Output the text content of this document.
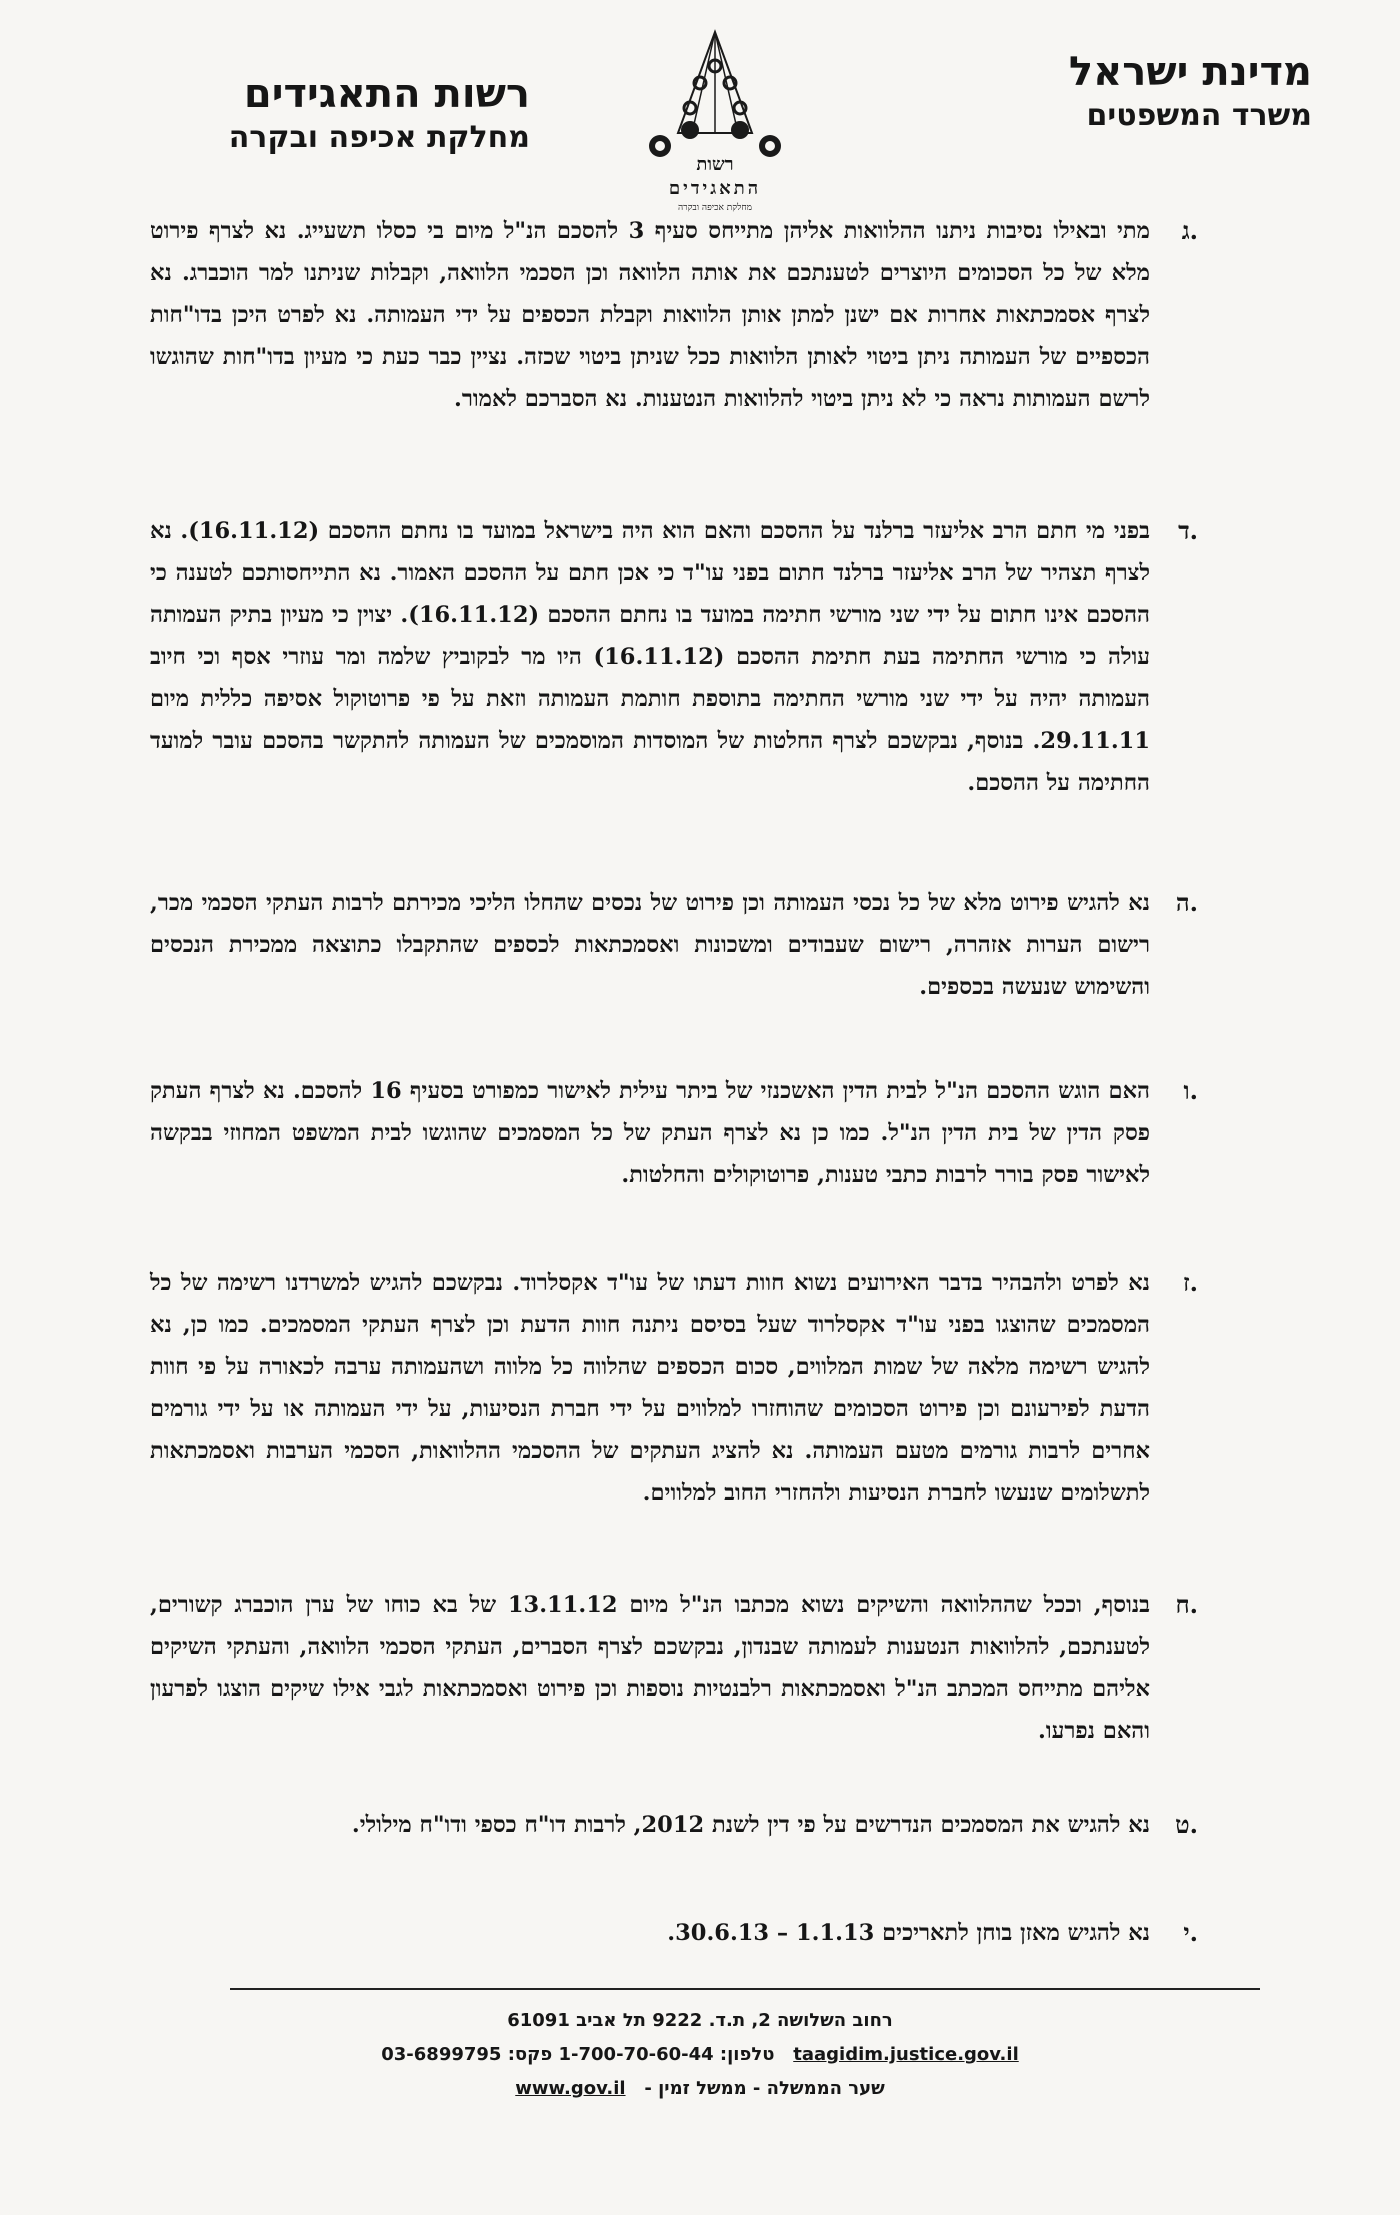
מדינת ישראל
משרד המשפטים
רשות
התאגידים
מחלקת אכיפה ובקרה
רשות התאגידים
מחלקת אכיפה ובקרה
ג.
מתי ובאילו נסיבות ניתנו ההלוואות אליהן מתייחס סעיף 3 להסכם הנ"ל מיום בי כסלו תשעייג. נא לצרף פירוט מלא של כל הסכומים היוצרים לטענתכם את אותה הלוואה וכן הסכמי הלוואה, וקבלות שניתנו למר הוכברג. נא לצרף אסמכתאות אחרות אם ישנן למתן אותן הלוואות וקבלת הכספים על ידי העמותה. נא לפרט היכן בדו"חות הכספיים של העמותה ניתן ביטוי לאותן הלוואות ככל שניתן ביטוי שכזה. נציין כבר כעת כי מעיון בדו"חות שהוגשו לרשם העמותות נראה כי לא ניתן ביטוי להלוואות הנטענות. נא הסברכם לאמור.
ד.
בפני מי חתם הרב אליעזר ברלנד על ההסכם והאם הוא היה בישראל במועד בו נחתם ההסכם (16.11.12). נא לצרף תצהיר של הרב אליעזר ברלנד חתום בפני עו"ד כי אכן חתם על ההסכם האמור. נא התייחסותכם לטענה כי ההסכם אינו חתום על ידי שני מורשי חתימה במועד בו נחתם ההסכם (16.11.12). יצוין כי מעיון בתיק העמותה עולה כי מורשי החתימה בעת חתימת ההסכם (16.11.12) היו מר לבקוביץ שלמה ומר עוזרי אסף וכי חיוב העמותה יהיה על ידי שני מורשי החתימה בתוספת חותמת העמותה וזאת על פי פרוטוקול אסיפה כללית מיום 29.11.11. בנוסף, נבקשכם לצרף החלטות של המוסדות המוסמכים של העמותה להתקשר בהסכם עובר למועד החתימה על ההסכם.
ה.
נא להגיש פירוט מלא של כל נכסי העמותה וכן פירוט של נכסים שהחלו הליכי מכירתם לרבות העתקי הסכמי מכר, רישום הערות אזהרה, רישום שעבודים ומשכונות ואסמכתאות לכספים שהתקבלו כתוצאה ממכירת הנכסים והשימוש שנעשה בכספים.
ו.
האם הוגש ההסכם הנ"ל לבית הדין האשכנזי של ביתר עילית לאישור כמפורט בסעיף 16 להסכם. נא לצרף העתק פסק הדין של בית הדין הנ"ל. כמו כן נא לצרף העתק של כל המסמכים שהוגשו לבית המשפט המחוזי בבקשה לאישור פסק בורר לרבות כתבי טענות, פרוטוקולים והחלטות.
ז.
נא לפרט ולהבהיר בדבר האירועים נשוא חוות דעתו של עו"ד אקסלרוד. נבקשכם להגיש למשרדנו רשימה של כל המסמכים שהוצגו בפני עו"ד אקסלרוד שעל בסיסם ניתנה חוות הדעת וכן לצרף העתקי המסמכים. כמו כן, נא להגיש רשימה מלאה של שמות המלווים, סכום הכספים שהלווה כל מלווה ושהעמותה ערבה לכאורה על פי חוות הדעת לפירעונם וכן פירוט הסכומים שהוחזרו למלווים על ידי חברת הנסיעות, על ידי העמותה או על ידי גורמים אחרים לרבות גורמים מטעם העמותה. נא להציג העתקים של ההסכמי ההלוואות, הסכמי הערבות ואסמכתאות לתשלומים שנעשו לחברת הנסיעות ולהחזרי החוב למלווים.
ח.
בנוסף, וככל שההלוואה והשיקים נשוא מכתבו הנ"ל מיום 13.11.12 של בא כוחו של ערן הוכברג קשורים, לטענתכם, להלוואות הנטענות לעמותה שבנדון, נבקשכם לצרף הסברים, העתקי הסכמי הלוואה, והעתקי השיקים אליהם מתייחס המכתב הנ"ל ואסמכתאות רלבנטיות נוספות וכן פירוט ואסמכתאות לגבי אילו שיקים הוצגו לפרעון והאם נפרעו.
ט.
נא להגיש את המסמכים הנדרשים על פי דין לשנת 2012, לרבות דו"ח כספי ודו"ח מילולי.
י.
נא להגיש מאזן בוחן לתאריכים 1.1.13 – 30.6.13.
רחוב השלושה 2, ת.ד. 9222 תל אביב 61091
taagidim.justice.gov.il   טלפון: 1-700-70-60-44 פקס: 03-6899795
שער הממשלה - ממשל זמין -   www.gov.il
